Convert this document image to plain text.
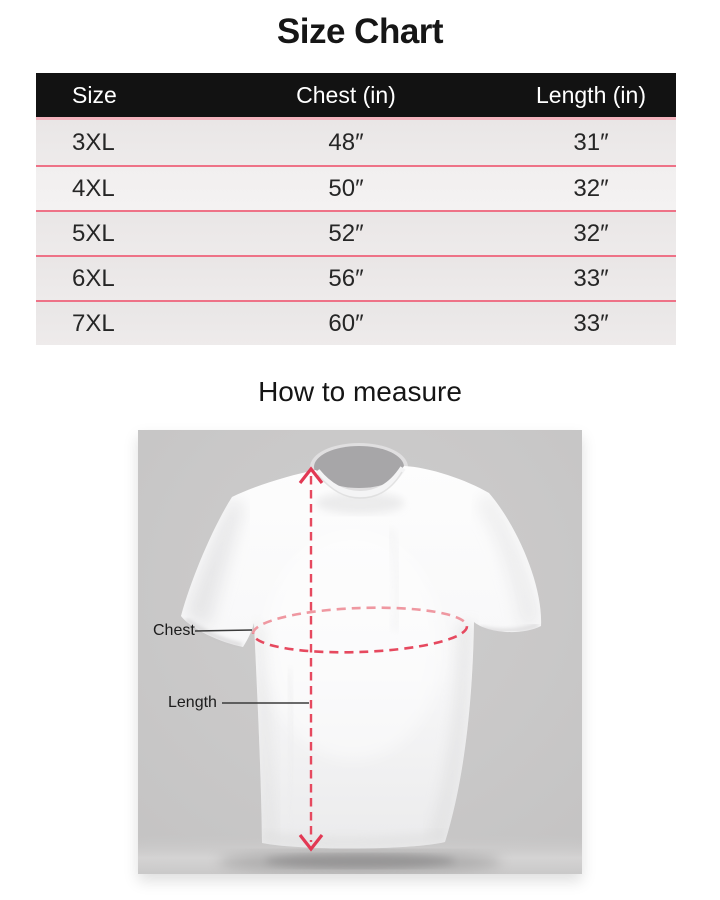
Size Chart
Size	Chest (in)	Length (in)
3XL	48″	31″
4XL	50″	32″
5XL	52″	32″
6XL	56″	33″
7XL	60″	33″
How to measure
Chest
Length
